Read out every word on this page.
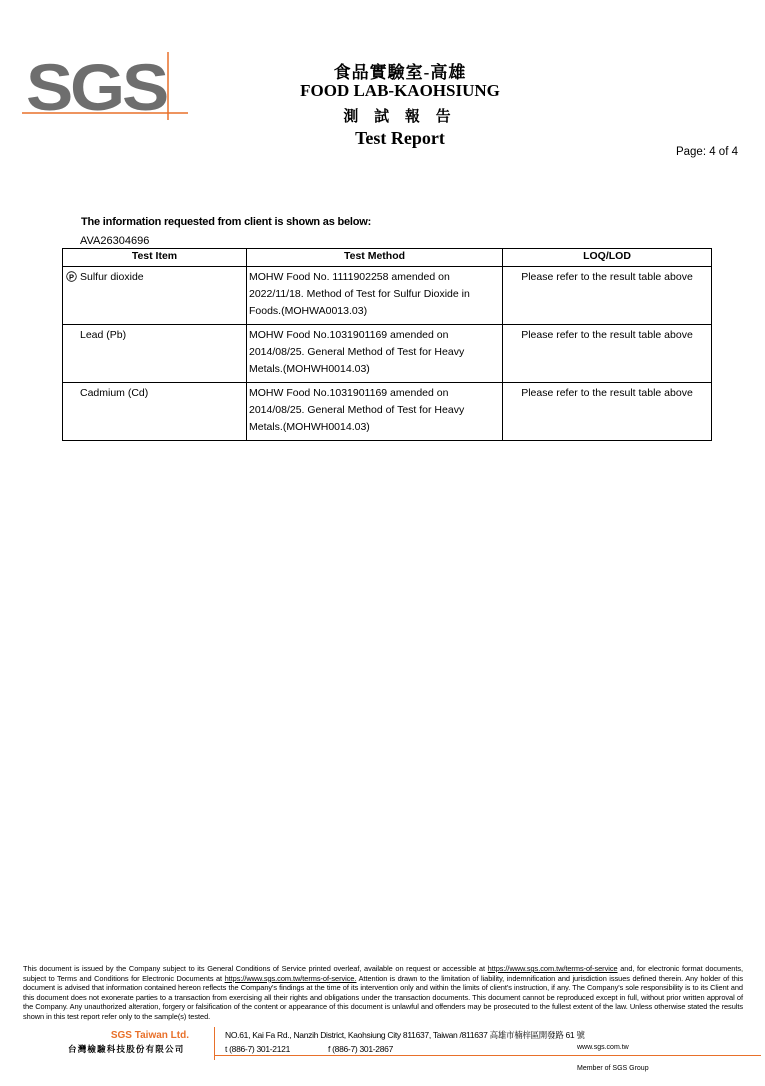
SGS	食品實驗室-高雄
FOOD LAB-KAOHSIUNG
測 試 報 告
Test Report
Page: 4 of 4
The information requested from client is shown as below:
AVA26304696
Test Item	Test Method	LOQ/LOD

P Sulfur dioxide	MOHW Food No. 1111902258 amended on 2022/11/18. Method of Test for Sulfur Dioxide in Foods.(MOHWA0013.03)	Please refer to the result table above
Lead (Pb)	MOHW Food No.1031901169 amended on 2014/08/25. General Method of Test for Heavy Metals.(MOHWH0014.03)	Please refer to the result table above
Cadmium (Cd)	MOHW Food No.1031901169 amended on 2014/08/25. General Method of Test for Heavy Metals.(MOHWH0014.03)	Please refer to the result table above
This document is issued by the Company subject to its General Conditions of Service printed overleaf, available on request or accessible at https://www.sgs.com.tw/terms-of-service and, for electronic format documents, subject to Terms and Conditions for Electronic Documents at https://www.sgs.com.tw/terms-of-service. Attention is drawn to the limitation of liability, indemnification and jurisdiction issues defined therein. Any holder of this document is advised that information contained hereon reflects the Company's findings at the time of its intervention only and within the limits of client's instruction, if any. The Company's sole responsibility is to its Client and this document does not exonerate parties to a transaction from exercising all their rights and obligations under the transaction documents. This document cannot be reproduced except in full, without prior written approval of the Company. Any unauthorized alteration, forgery or falsification of the content or appearance of this document is unlawful and offenders may be prosecuted to the fullest extent of the law. Unless otherwise stated the results shown in this test report refer only to the sample(s) tested.
SGS Taiwan Ltd.
台灣檢驗科技股份有限公司
NO.61, Kai Fa Rd., Nanzih District, Kaohsiung City 811637, Taiwan /811637 高雄市楠梓區開發路 61 號
t (886-7) 301-2121	f (886-7) 301-2867	www.sgs.com.tw
Member of SGS Group
